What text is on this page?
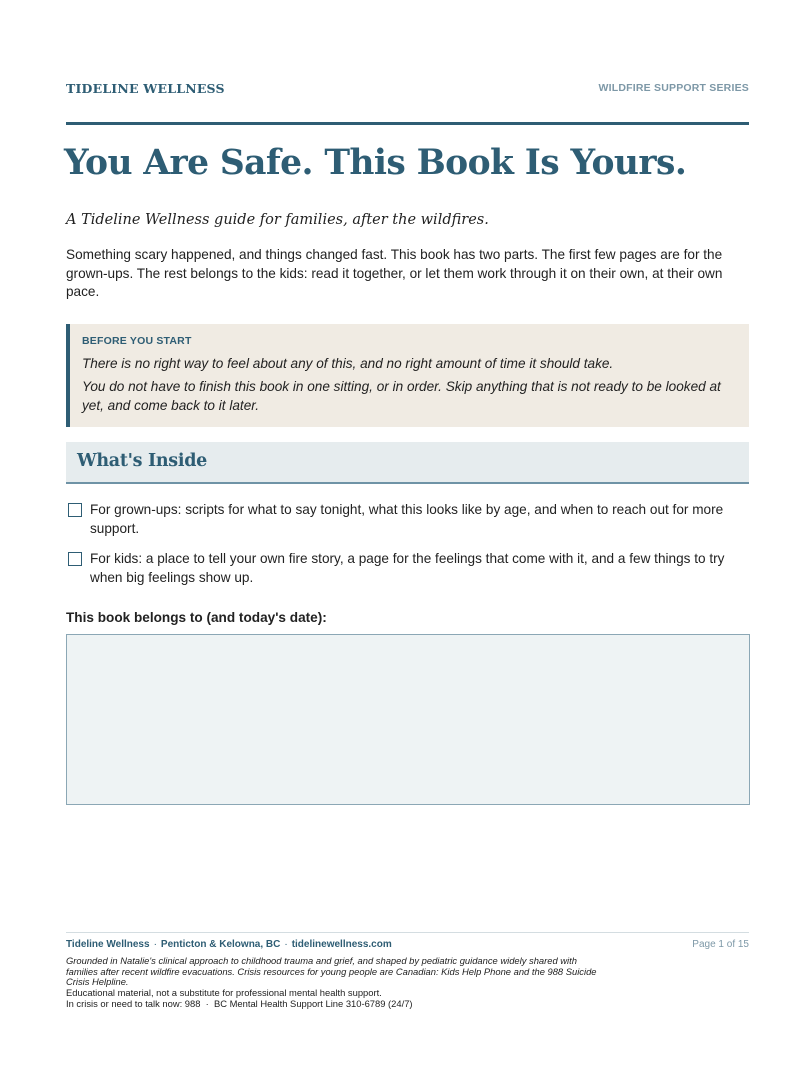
TIDELINE WELLNESS	WILDFIRE SUPPORT SERIES
You Are Safe. This Book Is Yours.
A Tideline Wellness guide for families, after the wildfires.
Something scary happened, and things changed fast. This book has two parts. The first few pages are for the grown-ups. The rest belongs to the kids: read it together, or let them work through it on their own, at their own pace.
BEFORE YOU START
There is no right way to feel about any of this, and no right amount of time it should take.
You do not have to finish this book in one sitting, or in order. Skip anything that is not ready to be looked at yet, and come back to it later.
What's Inside
For grown-ups: scripts for what to say tonight, what this looks like by age, and when to reach out for more support.
For kids: a place to tell your own fire story, a page for the feelings that come with it, and a few things to try when big feelings show up.
This book belongs to (and today's date):
Tideline Wellness · Penticton & Kelowna, BC · tidelinewellness.com	Page 1 of 15
Grounded in Natalie's clinical approach to childhood trauma and grief, and shaped by pediatric guidance widely shared with families after recent wildfire evacuations. Crisis resources for young people are Canadian: Kids Help Phone and the 988 Suicide Crisis Helpline.
Educational material, not a substitute for professional mental health support.
In crisis or need to talk now: 988  ·  BC Mental Health Support Line 310-6789 (24/7)
